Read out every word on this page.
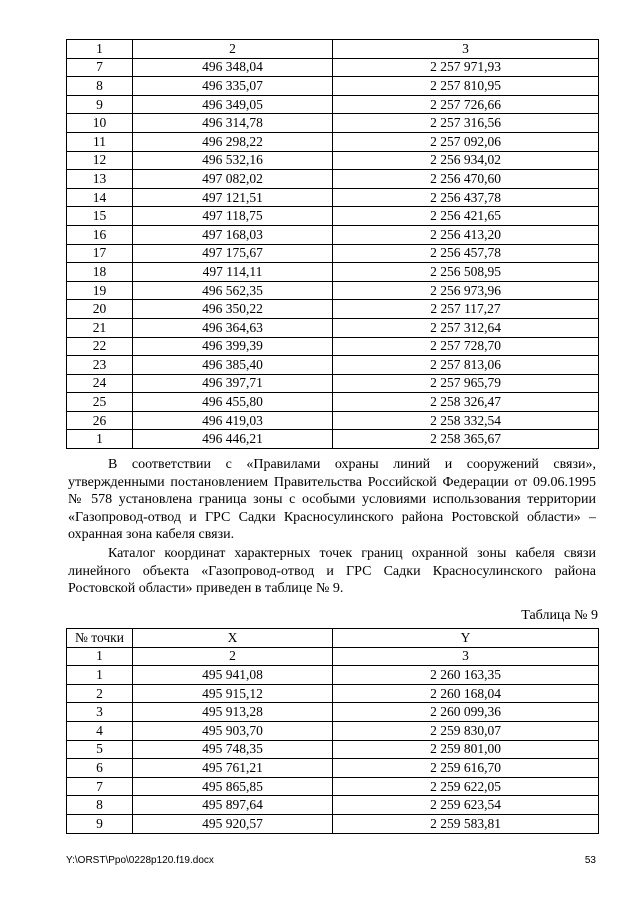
1	2	3
7	496 348,04	2 257 971,93
8	496 335,07	2 257 810,95
9	496 349,05	2 257 726,66
10	496 314,78	2 257 316,56
11	496 298,22	2 257 092,06
12	496 532,16	2 256 934,02
13	497 082,02	2 256 470,60
14	497 121,51	2 256 437,78
15	497 118,75	2 256 421,65
16	497 168,03	2 256 413,20
17	497 175,67	2 256 457,78
18	497 114,11	2 256 508,95
19	496 562,35	2 256 973,96
20	496 350,22	2 257 117,27
21	496 364,63	2 257 312,64
22	496 399,39	2 257 728,70
23	496 385,40	2 257 813,06
24	496 397,71	2 257 965,79
25	496 455,80	2 258 326,47
26	496 419,03	2 258 332,54
1	496 446,21	2 258 365,67

В соответствии с «Правилами охраны линий и сооружений связи», утвержденными постановлением Правительства Российской Федерации от 09.06.1995 № 578 установлена граница зоны с особыми условиями использования территории «Газопровод-отвод и ГРС Садки Красносулинского района Ростовской области» – охранная зона кабеля связи.

Каталог координат характерных точек границ охранной зоны кабеля связи линейного объекта «Газопровод-отвод и ГРС Садки Красносулинского района Ростовской области» приведен в таблице № 9.

Таблица № 9
№ точки	X	Y
1	2	3
1	495 941,08	2 260 163,35
2	495 915,12	2 260 168,04
3	495 913,28	2 260 099,36
4	495 903,70	2 259 830,07
5	495 748,35	2 259 801,00
6	495 761,21	2 259 616,70
7	495 865,85	2 259 622,05
8	495 897,64	2 259 623,54
9	495 920,57	2 259 583,81
Y:\ORST\Ppo\0228p120.f19.docx	53
